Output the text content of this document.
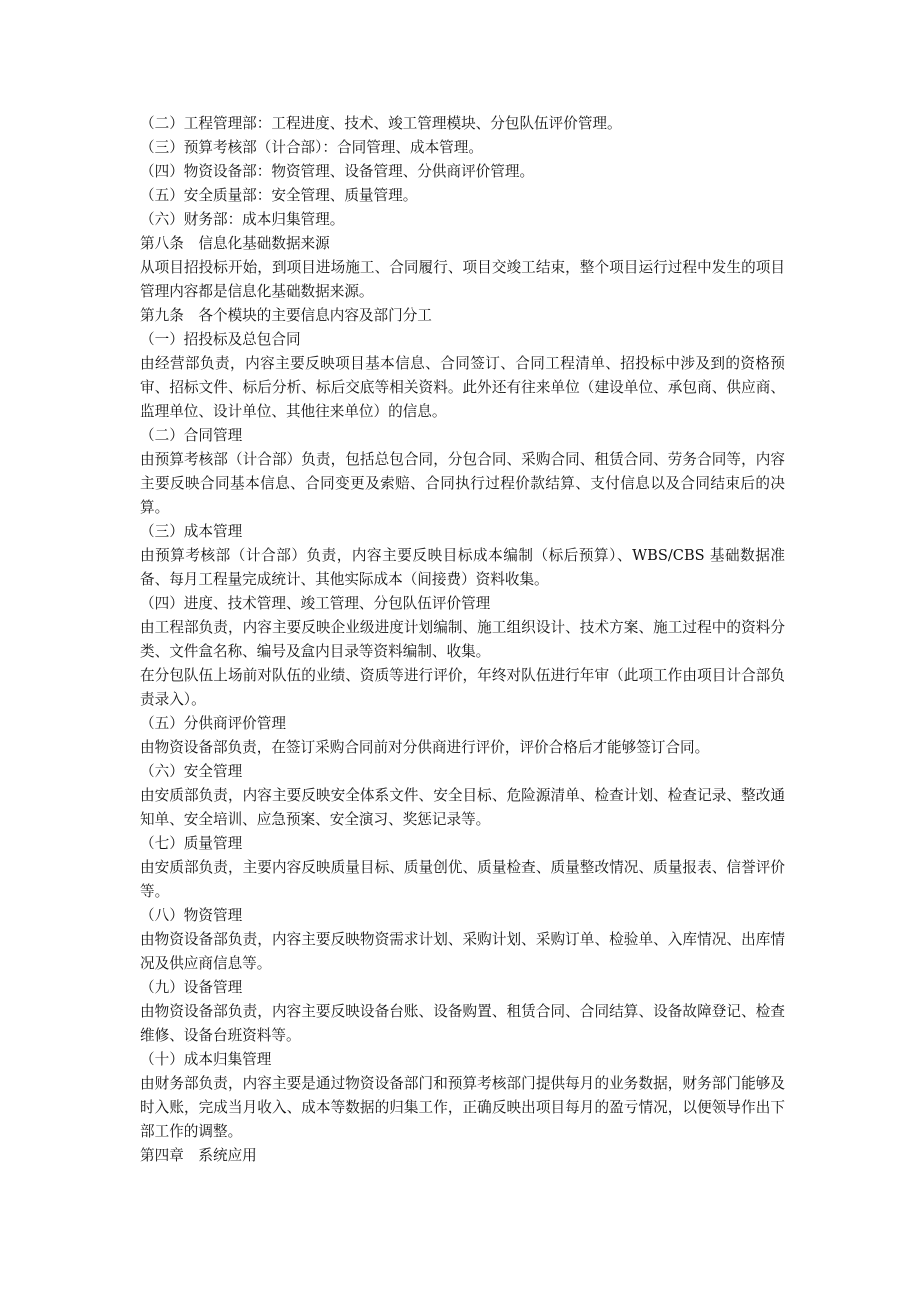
（二）工程管理部：工程进度、技术、竣工管理模块、分包队伍评价管理。

（三）预算考核部（计合部）：合同管理、成本管理。

（四）物资设备部：物资管理、设备管理、分供商评价管理。

（五）安全质量部：安全管理、质量管理。

（六）财务部：成本归集管理。

第八条　信息化基础数据来源

从项目招投标开始，到项目进场施工、合同履行、项目交竣工结束，整个项目运行过程中发生的项目管理内容都是信息化基础数据来源。

第九条　各个模块的主要信息内容及部门分工

（一）招投标及总包合同

由经营部负责，内容主要反映项目基本信息、合同签订、合同工程清单、招投标中涉及到的资格预审、招标文件、标后分析、标后交底等相关资料。此外还有往来单位（建设单位、承包商、供应商、监理单位、设计单位、其他往来单位）的信息。

（二）合同管理

由预算考核部（计合部）负责，包括总包合同，分包合同、采购合同、租赁合同、劳务合同等，内容主要反映合同基本信息、合同变更及索赔、合同执行过程价款结算、支付信息以及合同结束后的决算。

（三）成本管理

由预算考核部（计合部）负责，内容主要反映目标成本编制（标后预算）、WBS/CBS 基础数据准备、每月工程量完成统计、其他实际成本（间接费）资料收集。

（四）进度、技术管理、竣工管理、分包队伍评价管理

由工程部负责，内容主要反映企业级进度计划编制、施工组织设计、技术方案、施工过程中的资料分类、文件盒名称、编号及盒内目录等资料编制、收集。

在分包队伍上场前对队伍的业绩、资质等进行评价，年终对队伍进行年审（此项工作由项目计合部负责录入）。

（五）分供商评价管理

由物资设备部负责，在签订采购合同前对分供商进行评价，评价合格后才能够签订合同。

（六）安全管理

由安质部负责，内容主要反映安全体系文件、安全目标、危险源清单、检查计划、检查记录、整改通知单、安全培训、应急预案、安全演习、奖惩记录等。

（七）质量管理

由安质部负责，主要内容反映质量目标、质量创优、质量检查、质量整改情况、质量报表、信誉评价等。

（八）物资管理

由物资设备部负责，内容主要反映物资需求计划、采购计划、采购订单、检验单、入库情况、出库情况及供应商信息等。

（九）设备管理

由物资设备部负责，内容主要反映设备台账、设备购置、租赁合同、合同结算、设备故障登记、检查维修、设备台班资料等。

（十）成本归集管理

由财务部负责，内容主要是通过物资设备部门和预算考核部门提供每月的业务数据，财务部门能够及时入账，完成当月收入、成本等数据的归集工作，正确反映出项目每月的盈亏情况，以便领导作出下部工作的调整。

第四章　系统应用
